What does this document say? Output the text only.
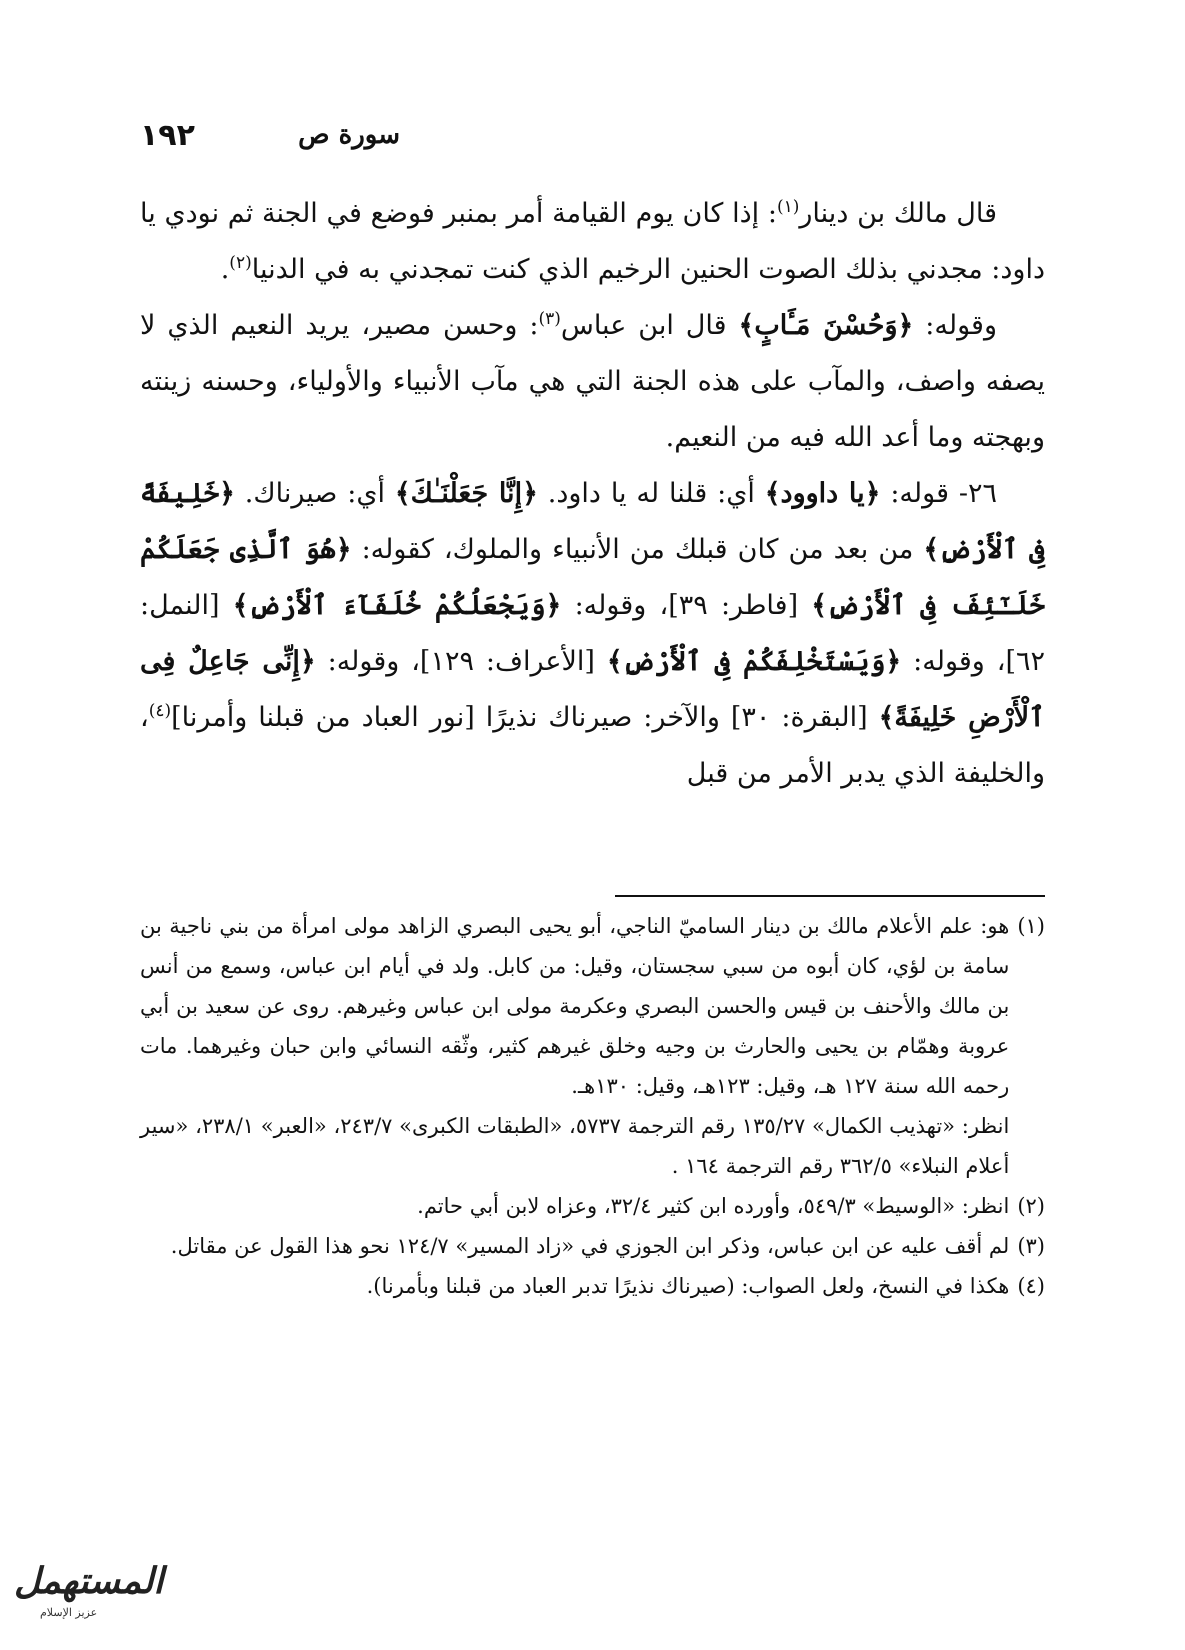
١٩٢	سورة ص

قال مالك بن دينار$^{(١)}$: إذا كان يوم القيامة أمر بمنبر فوضع في الجنة ثم نودي يا داود: مجدني بذلك الصوت الحنين الرخيم الذي كنت تمجدني به في الدنيا$^{(٢)}$.

وقوله: ﴿وَحُسْنَ مَـَٔابٍ﴾ قال ابن عباس$^{(٣)}$: وحسن مصير، يريد النعيم الذي لا يصفه واصف، والمآب على هذه الجنة التي هي مآب الأنبياء والأولياء، وحسنه زينته وبهجته وما أعد الله فيه من النعيم.

٢٦- قوله: ﴿يا داوود﴾ أي: قلنا له يا داود. ﴿إِنَّا جَعَلْنَـٰكَ﴾ أي: صيرناك. ﴿خَلِيفَةً فِى ٱلْأَرْضِ﴾ من بعد من كان قبلك من الأنبياء والملوك، كقوله: ﴿هُوَ ٱلَّذِى جَعَلَكُمْ خَلَـٰٓئِفَ فِى ٱلْأَرْضِ﴾ [فاطر: ٣٩]، وقوله: ﴿وَيَجْعَلُكُمْ خُلَفَآءَ ٱلْأَرْضِ﴾ [النمل: ٦٢]، وقوله: ﴿وَيَسْتَخْلِفَكُمْ فِى ٱلْأَرْضِ﴾ [الأعراف: ١٢٩]، وقوله: ﴿إِنِّى جَاعِلٌ فِى ٱلْأَرْضِ خَلِيفَةً﴾ [البقرة: ٣٠] والآخر: صيرناك نذيرًا [نور العباد من قبلنا وأمرنا]$^{(٤)}$، والخليفة الذي يدبر الأمر من قبل

(١)
هو: علم الأعلام مالك بن دينار الساميّ الناجي، أبو يحيى البصري الزاهد مولى امرأة من بني ناجية بن سامة بن لؤي، كان أبوه من سبي سجستان، وقيل: من كابل. ولد في أيام ابن عباس، وسمع من أنس بن مالك والأحنف بن قيس والحسن البصري وعكرمة مولى ابن عباس وغيرهم. روى عن سعيد بن أبي عروبة وهمّام بن يحيى والحارث بن وجيه وخلق غيرهم كثير، وثّقه النسائي وابن حبان وغيرهما. مات رحمه الله سنة ١٢٧ هـ، وقيل: ١٢٣هـ، وقيل: ١٣٠هـ.
انظر: «تهذيب الكمال» ١٣٥/٢٧ رقم الترجمة ٥٧٣٧، «الطبقات الكبرى» ٢٤٣/٧، «العبر» ٢٣٨/١، «سير أعلام النبلاء» ٣٦٢/٥ رقم الترجمة ١٦٤ .
(٢)
انظر: «الوسيط» ٥٤٩/٣، وأورده ابن كثير ٣٢/٤، وعزاه لابن أبي حاتم.
(٣)
لم أقف عليه عن ابن عباس، وذكر ابن الجوزي في «زاد المسير» ١٢٤/٧ نحو هذا القول عن مقاتل.
(٤)
هكذا في النسخ، ولعل الصواب: (صيرناك نذيرًا تدبر العباد من قبلنا وبأمرنا).
المستهمل
عزيز الإسلام
